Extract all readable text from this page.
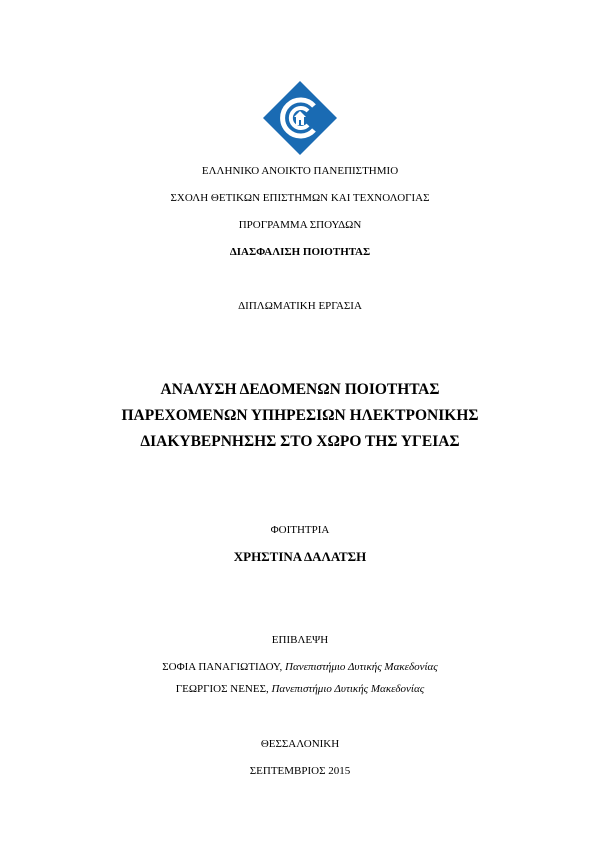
ΕΛΛΗΝΙΚΟ ΑΝΟΙΚΤΟ ΠΑΝΕΠΙΣΤΗΜΙΟ
ΣΧΟΛΗ ΘΕΤΙΚΩΝ ΕΠΙΣΤΗΜΩΝ ΚΑΙ ΤΕΧΝΟΛΟΓΙΑΣ
ΠΡΟΓΡΑΜΜΑ ΣΠΟΥΔΩΝ
ΔΙΑΣΦΑΛΙΣΗ ΠΟΙΟΤΗΤΑΣ
ΔΙΠΛΩΜΑΤΙΚΗ ΕΡΓΑΣΙΑ
ΑΝΑΛΥΣΗ ΔΕΔΟΜΕΝΩΝ ΠΟΙΟΤΗΤΑΣ
ΠΑΡΕΧΟΜΕΝΩΝ ΥΠΗΡΕΣΙΩΝ ΗΛΕΚΤΡΟΝΙΚΗΣ
ΔΙΑΚΥΒΕΡΝΗΣΗΣ ΣΤΟ ΧΩΡΟ ΤΗΣ ΥΓΕΙΑΣ
ΦΟΙΤΗΤΡΙΑ
ΧΡΗΣΤΙΝΑ ΔΑΛΑΤΣΗ
ΕΠΙΒΛΕΨΗ
ΣΟΦΙΑ ΠΑΝΑΓΙΩΤΙΔΟΥ, Πανεπιστήμιο Δυτικής Μακεδονίας
ΓΕΩΡΓΙΟΣ ΝΕΝΕΣ, Πανεπιστήμιο Δυτικής Μακεδονίας
ΘΕΣΣΑΛΟΝΙΚΗ
ΣΕΠΤΕΜΒΡΙΟΣ 2015
